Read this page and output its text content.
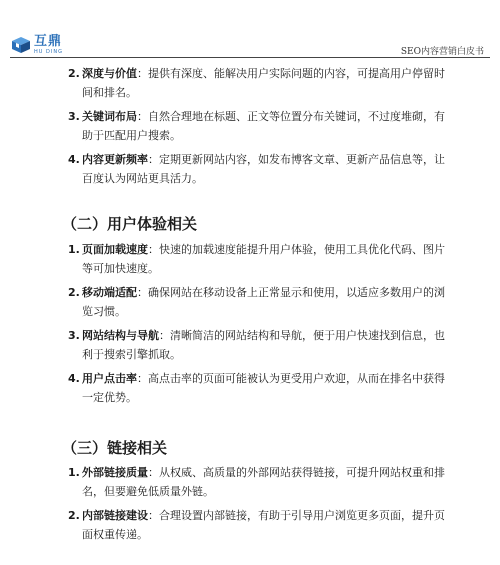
互鼎
HU DING	SEO内容营销白皮书
2. 深度与价值：提供有深度、能解决用户实际问题的内容，可提高用户停留时间和排名。
3. 关键词布局：自然合理地在标题、正文等位置分布关键词，不过度堆砌，有助于匹配用户搜索。
4. 内容更新频率：定期更新网站内容，如发布博客文章、更新产品信息等，让百度认为网站更具活力。
（二）用户体验相关
1. 页面加载速度：快速的加载速度能提升用户体验，使用工具优化代码、图片等可加快速度。
2. 移动端适配：确保网站在移动设备上正常显示和使用，以适应多数用户的浏览习惯。
3. 网站结构与导航：清晰简洁的网站结构和导航，便于用户快速找到信息，也利于搜索引擎抓取。
4. 用户点击率：高点击率的页面可能被认为更受用户欢迎，从而在排名中获得一定优势。
（三）链接相关
1. 外部链接质量：从权威、高质量的外部网站获得链接，可提升网站权重和排名，但要避免低质量外链。
2. 内部链接建设：合理设置内部链接，有助于引导用户浏览更多页面，提升页面权重传递。
